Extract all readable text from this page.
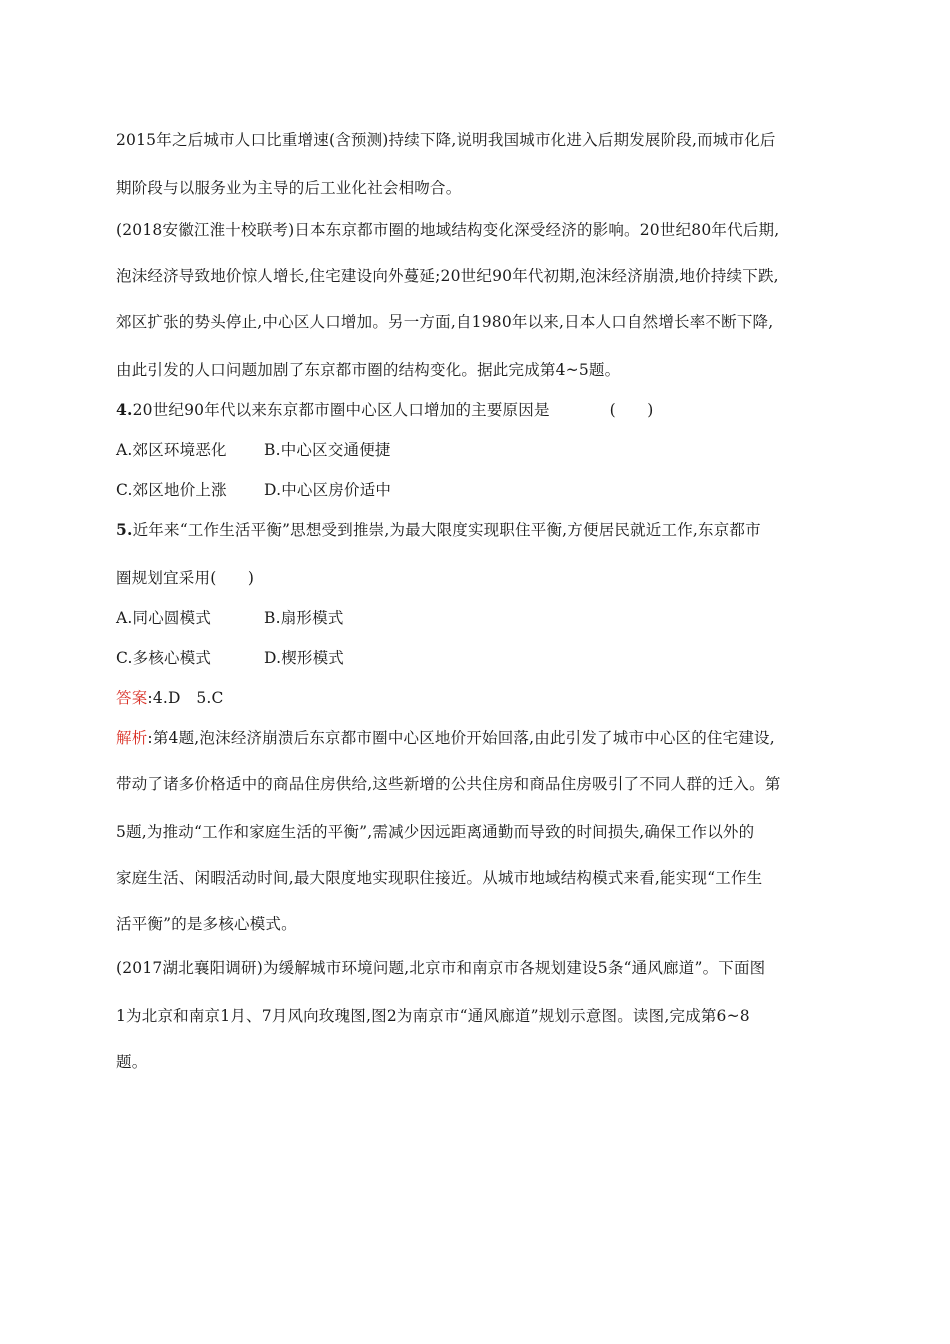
2015年之后城市人口比重增速(含预测)持续下降,说明我国城市化进入后期发展阶段,而城市化后
期阶段与以服务业为主导的后工业化社会相吻合。
(2018安徽江淮十校联考)日本东京都市圈的地域结构变化深受经济的影响。20世纪80年代后期,
泡沫经济导致地价惊人增长,住宅建设向外蔓延;20世纪90年代初期,泡沫经济崩溃,地价持续下跌,
郊区扩张的势头停止,中心区人口增加。另一方面,自1980年以来,日本人口自然增长率不断下降,
由此引发的人口问题加剧了东京都市圈的结构变化。据此完成第4~5题。
4.20世纪90年代以来东京都市圈中心区人口增加的主要原因是	(　　)
A.郊区环境恶化	B.中心区交通便捷
C.郊区地价上涨	D.中心区房价适中
5.近年来“工作生活平衡”思想受到推崇,为最大限度实现职住平衡,方便居民就近工作,东京都市
圈规划宜采用(　　)
A.同心圆模式	B.扇形模式
C.多核心模式	D.楔形模式
答案:4.D　5.C
解析:第4题,泡沫经济崩溃后东京都市圈中心区地价开始回落,由此引发了城市中心区的住宅建设,
带动了诸多价格适中的商品住房供给,这些新增的公共住房和商品住房吸引了不同人群的迁入。第
5题,为推动“工作和家庭生活的平衡”,需减少因远距离通勤而导致的时间损失,确保工作以外的
家庭生活、闲暇活动时间,最大限度地实现职住接近。从城市地域结构模式来看,能实现“工作生
活平衡”的是多核心模式。
(2017湖北襄阳调研)为缓解城市环境问题,北京市和南京市各规划建设5条“通风廊道”。下面图
1为北京和南京1月、7月风向玫瑰图,图2为南京市“通风廊道”规划示意图。读图,完成第6~8
题。
